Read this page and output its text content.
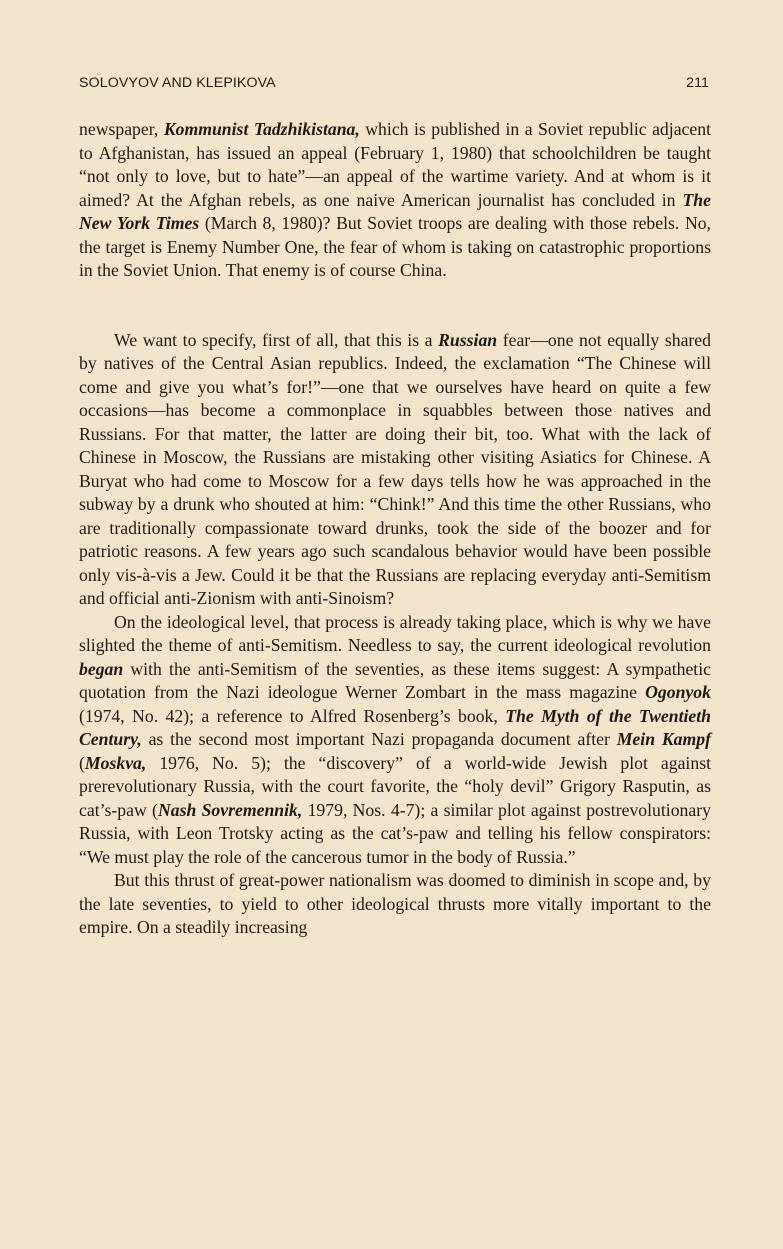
SOLOVYOV AND KLEPIKOVA	211

newspaper, Kommunist Tadzhikistana, which is published in a Soviet republic adjacent to Afghanistan, has issued an appeal (February 1, 1980) that schoolchildren be taught “not only to love, but to hate”—an appeal of the wartime variety. And at whom is it aimed? At the Afghan rebels, as one naive American journalist has concluded in The New York Times (March 8, 1980)? But Soviet troops are dealing with those rebels. No, the target is Enemy Number One, the fear of whom is taking on catastrophic proportions in the Soviet Union. That enemy is of course China.

We want to specify, first of all, that this is a Russian fear—one not equally shared by natives of the Central Asian republics. Indeed, the exclamation “The Chinese will come and give you what’s for!”—one that we ourselves have heard on quite a few occasions—has become a commonplace in squabbles between those natives and Russians. For that matter, the latter are doing their bit, too. What with the lack of Chinese in Moscow, the Russians are mistaking other visiting Asiatics for Chinese. A Buryat who had come to Moscow for a few days tells how he was approached in the subway by a drunk who shouted at him: “Chink!” And this time the other Russians, who are traditionally compassionate toward drunks, took the side of the boozer and for patriotic reasons. A few years ago such scandalous behavior would have been possible only vis-à-vis a Jew. Could it be that the Russians are replacing everyday anti-Semitism and official anti-Zionism with anti-Sinoism?

On the ideological level, that process is already taking place, which is why we have slighted the theme of anti-Semitism. Needless to say, the current ideological revolution began with the anti-Semitism of the seventies, as these items suggest: A sympathetic quotation from the Nazi ideologue Werner Zombart in the mass magazine Ogonyok (1974, No. 42); a reference to Alfred Rosenberg’s book, The Myth of the Twentieth Century, as the second most important Nazi propaganda document after Mein Kampf (Moskva, 1976, No. 5); the “discovery” of a world-wide Jewish plot against prerevolutionary Russia, with the court favorite, the “holy devil” Grigory Rasputin, as cat’s-paw (Nash Sovremennik, 1979, Nos. 4-7); a similar plot against postrevolutionary Russia, with Leon Trotsky acting as the cat’s-paw and telling his fellow conspirators: “We must play the role of the cancerous tumor in the body of Russia.”

But this thrust of great-power nationalism was doomed to diminish in scope and, by the late seventies, to yield to other ideological thrusts more vitally important to the empire. On a steadily increasing
